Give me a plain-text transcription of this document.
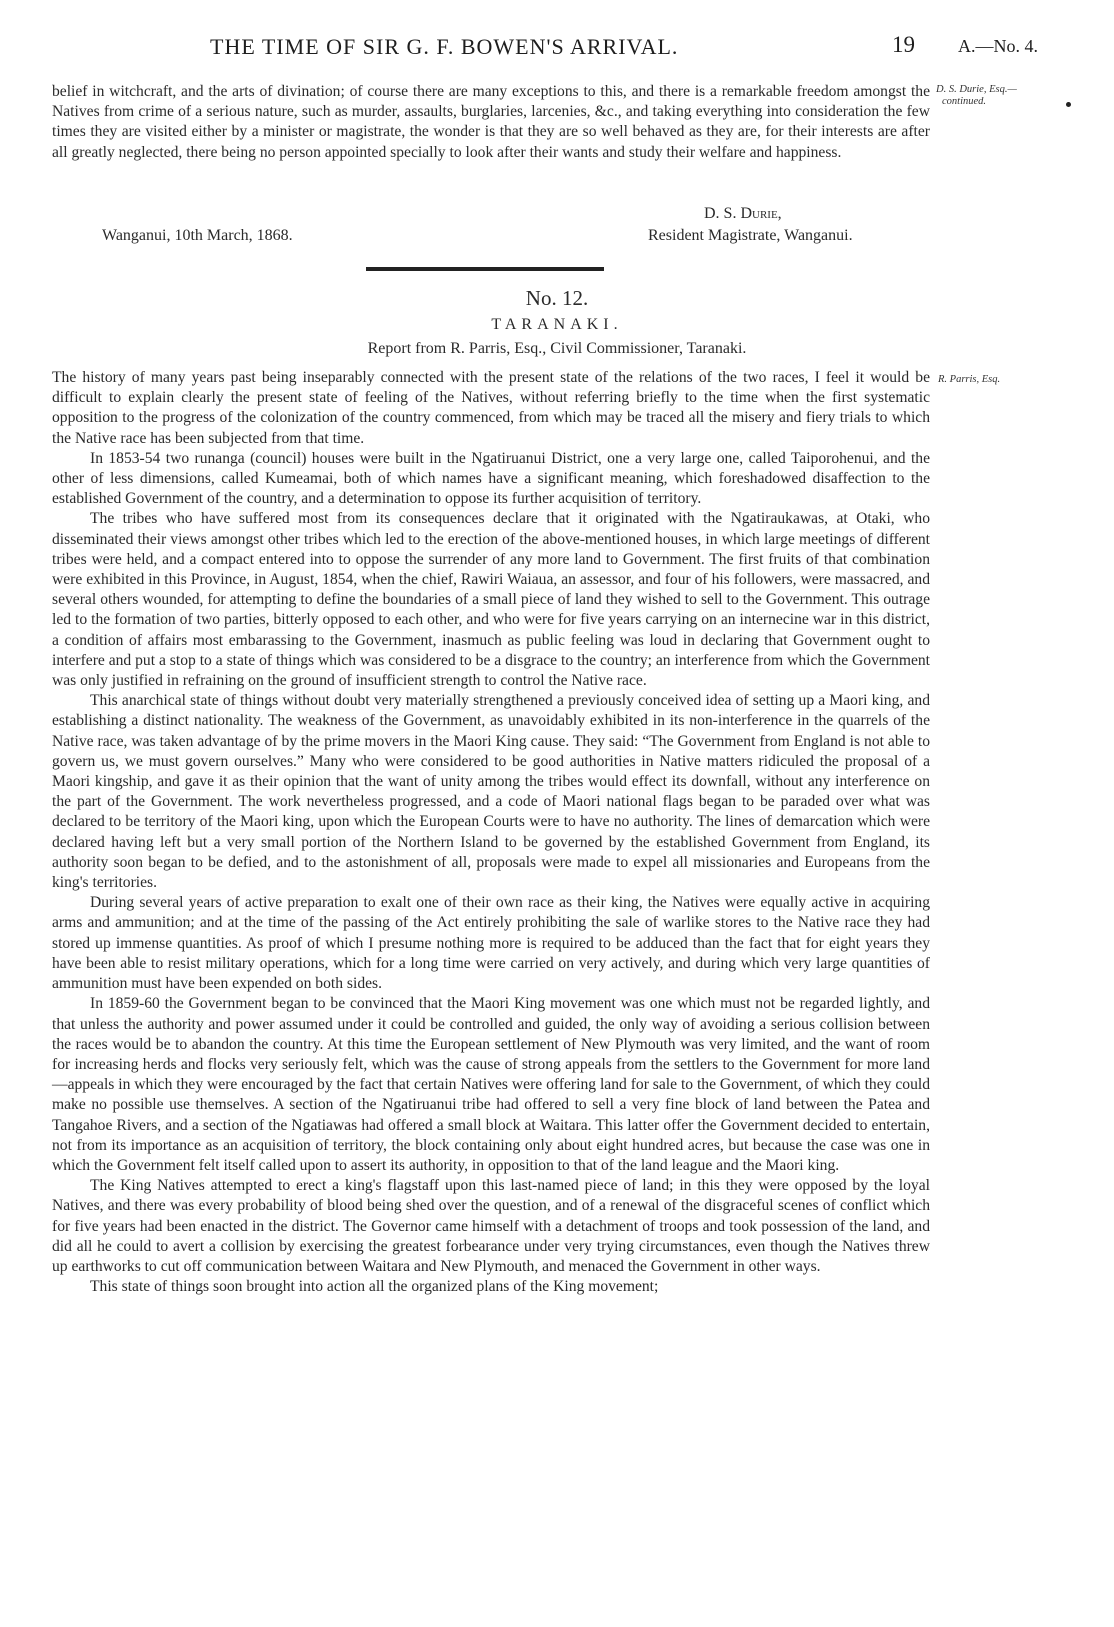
THE TIME OF SIR G. F. BOWEN'S ARRIVAL.	19 A.—No. 4.
D. S. Durie, Esq.—
continued.

belief in witchcraft, and the arts of divination; of course there are many exceptions to this, and there is a remarkable freedom amongst the Natives from crime of a serious nature, such as murder, assaults, burglaries, larcenies, &c., and taking everything into consideration the few times they are visited either by a minister or magistrate, the wonder is that they are so well behaved as they are, for their interests are after all greatly neglected, there being no person appointed specially to look after their wants and study their welfare and happiness.

Wanganui, 10th March, 1868.
D. S. Durie,
Resident Magistrate, Wanganui.
No. 12.
TARANAKI.
Report from R. Parris, Esq., Civil Commissioner, Taranaki.
R. Parris, Esq.

The history of many years past being inseparably connected with the present state of the relations of the two races, I feel it would be difficult to explain clearly the present state of feeling of the Natives, without referring briefly to the time when the first systematic opposition to the progress of the colonization of the country commenced, from which may be traced all the misery and fiery trials to which the Native race has been subjected from that time.

In 1853-54 two runanga (council) houses were built in the Ngatiruanui District, one a very large one, called Taiporohenui, and the other of less dimensions, called Kumeamai, both of which names have a significant meaning, which foreshadowed disaffection to the established Government of the country, and a determination to oppose its further acquisition of territory.

The tribes who have suffered most from its consequences declare that it originated with the Ngatiraukawas, at Otaki, who disseminated their views amongst other tribes which led to the erection of the above-mentioned houses, in which large meetings of different tribes were held, and a compact entered into to oppose the surrender of any more land to Government. The first fruits of that combination were exhibited in this Province, in August, 1854, when the chief, Rawiri Waiaua, an assessor, and four of his followers, were massacred, and several others wounded, for attempting to define the boundaries of a small piece of land they wished to sell to the Government. This outrage led to the formation of two parties, bitterly opposed to each other, and who were for five years carrying on an internecine war in this district, a condition of affairs most embarassing to the Government, inasmuch as public feeling was loud in declaring that Government ought to interfere and put a stop to a state of things which was considered to be a disgrace to the country; an interference from which the Government was only justified in refraining on the ground of insufficient strength to control the Native race.

This anarchical state of things without doubt very materially strengthened a previously conceived idea of setting up a Maori king, and establishing a distinct nationality. The weakness of the Government, as unavoidably exhibited in its non-interference in the quarrels of the Native race, was taken advantage of by the prime movers in the Maori King cause. They said: “The Government from England is not able to govern us, we must govern ourselves.” Many who were considered to be good authorities in Native matters ridiculed the proposal of a Maori kingship, and gave it as their opinion that the want of unity among the tribes would effect its downfall, without any interference on the part of the Government. The work nevertheless progressed, and a code of Maori national flags began to be paraded over what was declared to be territory of the Maori king, upon which the European Courts were to have no authority. The lines of demarcation which were declared having left but a very small portion of the Northern Island to be governed by the established Government from England, its authority soon began to be defied, and to the astonishment of all, proposals were made to expel all missionaries and Europeans from the king's territories.

During several years of active preparation to exalt one of their own race as their king, the Natives were equally active in acquiring arms and ammunition; and at the time of the passing of the Act entirely prohibiting the sale of warlike stores to the Native race they had stored up immense quantities. As proof of which I presume nothing more is required to be adduced than the fact that for eight years they have been able to resist military operations, which for a long time were carried on very actively, and during which very large quantities of ammunition must have been expended on both sides.

In 1859-60 the Government began to be convinced that the Maori King movement was one which must not be regarded lightly, and that unless the authority and power assumed under it could be controlled and guided, the only way of avoiding a serious collision between the races would be to abandon the country. At this time the European settlement of New Plymouth was very limited, and the want of room for increasing herds and flocks very seriously felt, which was the cause of strong appeals from the settlers to the Government for more land—appeals in which they were encouraged by the fact that certain Natives were offering land for sale to the Government, of which they could make no possible use themselves. A section of the Ngatiruanui tribe had offered to sell a very fine block of land between the Patea and Tangahoe Rivers, and a section of the Ngatiawas had offered a small block at Waitara. This latter offer the Government decided to entertain, not from its importance as an acquisition of territory, the block containing only about eight hundred acres, but because the case was one in which the Government felt itself called upon to assert its authority, in opposition to that of the land league and the Maori king.

The King Natives attempted to erect a king's flagstaff upon this last-named piece of land; in this they were opposed by the loyal Natives, and there was every probability of blood being shed over the question, and of a renewal of the disgraceful scenes of conflict which for five years had been enacted in the district. The Governor came himself with a detachment of troops and took possession of the land, and did all he could to avert a collision by exercising the greatest forbearance under very trying circumstances, even though the Natives threw up earthworks to cut off communication between Waitara and New Plymouth, and menaced the Government in other ways.

This state of things soon brought into action all the organized plans of the King movement;
